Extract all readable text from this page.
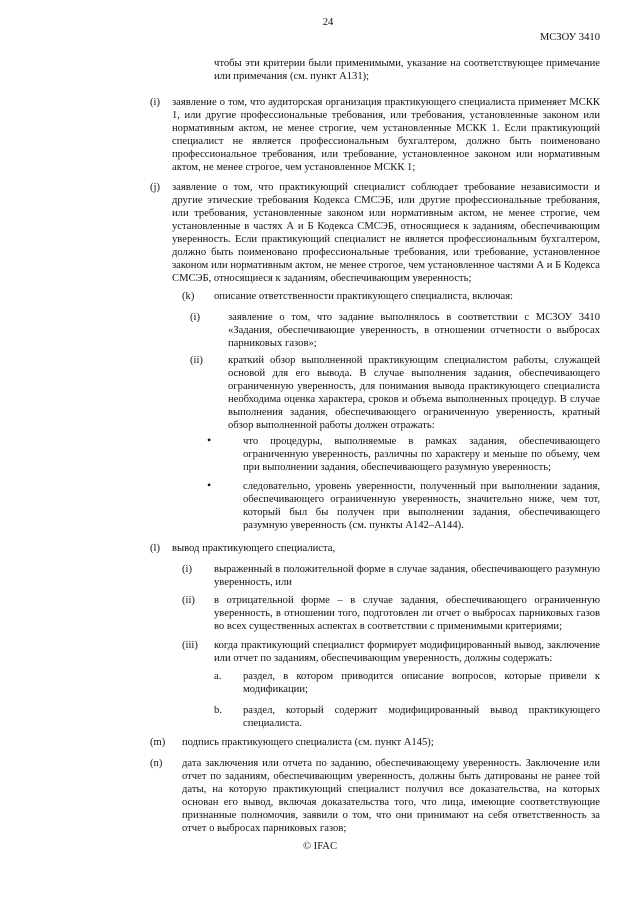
24
МСЗОУ 3410
чтобы эти критерии были применимыми, указание на соответствующее примечание или примечания (см. пункт A131);
(i) заявление о том, что аудиторская организация практикующего специалиста применяет МСКК 1, или другие профессиональные требования, или требования, установленные законом или нормативным актом, не менее строгие, чем установленные МСКК 1. Если практикующий специалист не является профессиональным бухгалтером, должно быть поименовано профессиональное требования, или требование, установленное законом или нормативным актом, не менее строгое, чем установленное МСКК 1;
(j) заявление о том, что практикующий специалист соблюдает требование независимости и другие этические требования Кодекса СМСЭБ, или другие профессиональные требования, или требования, установленные законом или нормативным актом, не менее строгие, чем установленные в частях А и Б Кодекса СМСЭБ, относящиеся к заданиям, обеспечивающим уверенность. Если практикующий специалист не является профессиональным бухгалтером, должно быть поименовано профессиональные требования, или требование, установленное законом или нормативным актом, не менее строгое, чем установленное частями А и Б Кодекса СМСЭБ, относящиеся к заданиям, обеспечивающим уверенность;
(k) описание ответственности практикующего специалиста, включая:
(i)	заявление о том, что задание выполнялось в соответствии с МСЗОУ 3410 «Задания, обеспечивающие уверенность, в отношении отчетности о выбросах парниковых газов»;
(ii) краткий обзор выполненной практикующим специалистом работы, служащей основой для его вывода. В случае выполнения задания, обеспечивающего ограниченную уверенность, для понимания вывода практикующего специалиста необходима оценка характера, сроков и объема выполненных процедур. В случае выполнения задания, обеспечивающего ограниченную уверенность, кратный обзор выполненной работы должен отражать:
•	что процедуры, выполняемые в рамках задания, обеспечивающего ограниченную уверенность, различны по характеру и меньше по объему, чем при выполнении задания, обеспечивающего разумную уверенность;
•	следовательно, уровень уверенности, полученный при выполнении задания, обеспечивающего ограниченную уверенность, значительно ниже, чем тот, который был бы получен при выполнении задания, обеспечивающего разумную уверенность (см. пункты A142–A144).
(l) вывод практикующего специалиста,
(i) выраженный в положительной форме в случае задания, обеспечивающего разумную уверенность, или
(ii) в отрицательной форме – в случае задания, обеспечивающего ограниченную уверенность, в отношении того, подготовлен ли отчет о выбросах парниковых газов во всех существенных аспектах в соответствии с применимыми критериями;
(iii) когда практикующий специалист формирует модифицированный вывод, заключение или отчет по заданиям, обеспечивающим уверенность, должны содержать:
a. раздел, в котором приводится описание вопросов, которые привели к модификации;
b. раздел, который содержит модифицированный вывод практикующего специалиста.
(m) подпись практикующего специалиста (см. пункт A145);
(n) дата заключения или отчета по заданию, обеспечивающему уверенность. Заключение или отчет по заданиям, обеспечивающим уверенность, должны быть датированы не ранее той даты, на которую практикующий специалист получил все доказательства, на которых основан его вывод, включая доказательства того, что лица, имеющие соответствующие признанные полномочия, заявили о том, что они принимают на себя ответственность за отчет о выбросах парниковых газов;
© IFAC
